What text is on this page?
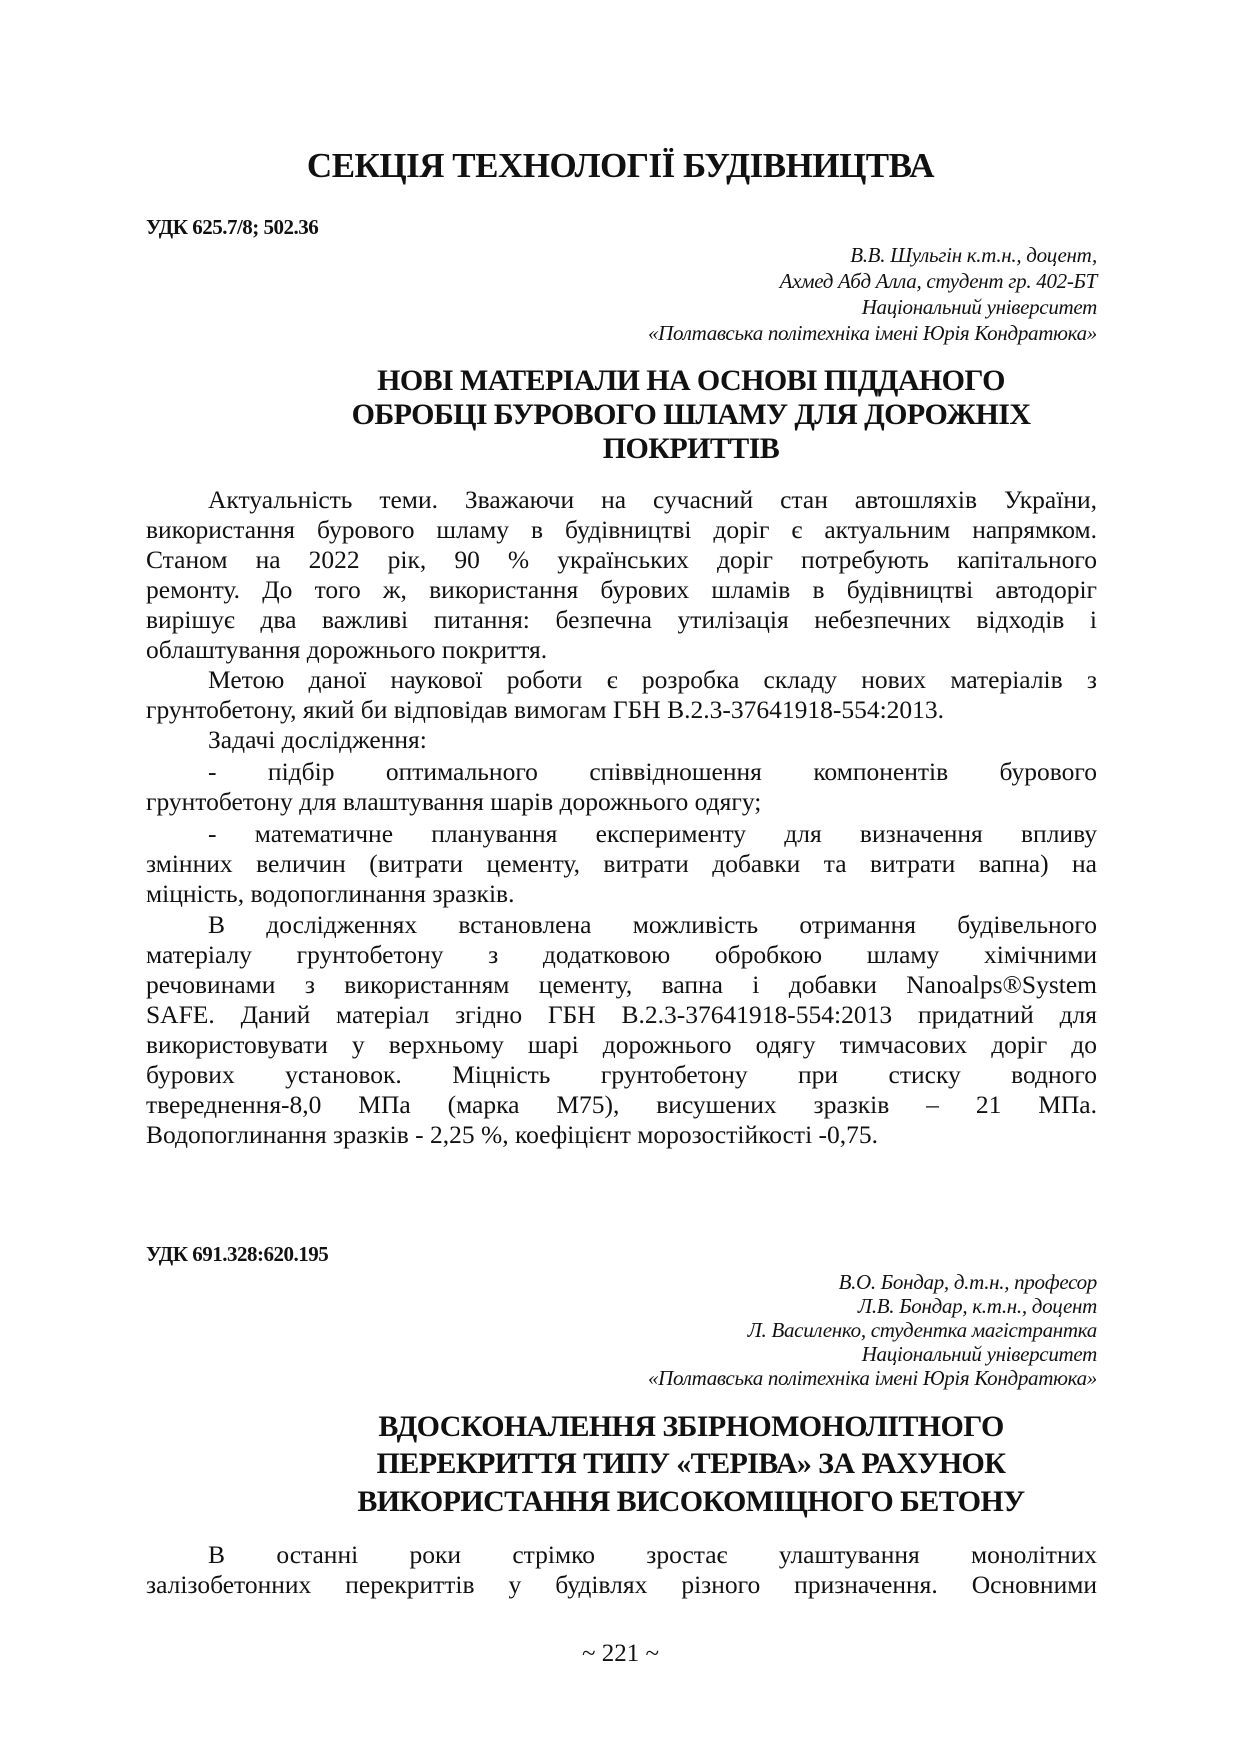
СЕКЦІЯ ТЕХНОЛОГІЇ БУДІВНИЦТВА
УДК 625.7/8; 502.36
В.В. Шульгін к.т.н., доцент,
Ахмед Абд Алла, студент гр. 402-БТ
Національний університет
«Полтавська політехніка імені Юрія Кондратюка»
НОВІ МАТЕРІАЛИ НА ОСНОВІ ПІДДАНОГО
ОБРОБЦІ БУРОВОГО ШЛАМУ ДЛЯ ДОРОЖНІХ
ПОКРИТТІВ
Актуальність теми. Зважаючи на сучасний стан автошляхів України,
використання бурового шламу в будівництві доріг є актуальним напрямком.
Станом на 2022 рік, 90 % українських доріг потребують капітального
ремонту. До того ж, використання бурових шламів в будівництві автодоріг
вирішує два важливі питання: безпечна утилізація небезпечних відходів і
облаштування дорожнього покриття.
Метою даної наукової роботи є розробка складу нових матеріалів з
грунтобетону, який би відповідав вимогам ГБН В.2.3-37641918-554:2013.
Задачі дослідження:
- підбір оптимального співвідношення компонентів бурового
грунтобетону для влаштування шарів дорожнього одягу;
- математичне планування експерименту для визначення впливу
змінних величин (витрати цементу, витрати добавки та витрати вапна) на
міцність, водопоглинання зразків.
В дослідженнях встановлена можливість отримання будівельного
матеріалу грунтобетону з додатковою обробкою шламу хімічними
речовинами з використанням цементу, вапна і добавки Nanoalps®System
SAFE. Даний матеріал згідно ГБН В.2.3-37641918-554:2013 придатний для
використовувати у верхньому шарі дорожнього одягу тимчасових доріг до
бурових установок. Міцність грунтобетону при стиску водного
твереднення-8,0 МПа (марка М75), висушених зразків – 21 МПа.
Водопоглинання зразків - 2,25 %, коефіцієнт морозостійкості -0,75.
УДК 691.328:620.195
В.О. Бондар, д.т.н., професор
Л.В. Бондар, к.т.н., доцент
Л. Василенко, студентка магістрантка
Національний університет
«Полтавська політехніка імені Юрія Кондратюка»
ВДОСКОНАЛЕННЯ ЗБІРНОМОНОЛІТНОГО
ПЕРЕКРИТТЯ ТИПУ «ТЕРІВА» ЗА РАХУНОК
ВИКОРИСТАННЯ ВИСОКОМІЦНОГО БЕТОНУ
В останні роки стрімко зростає улаштування монолітних
залізобетонних перекриттів у будівлях різного призначення. Основними
~ 221 ~
